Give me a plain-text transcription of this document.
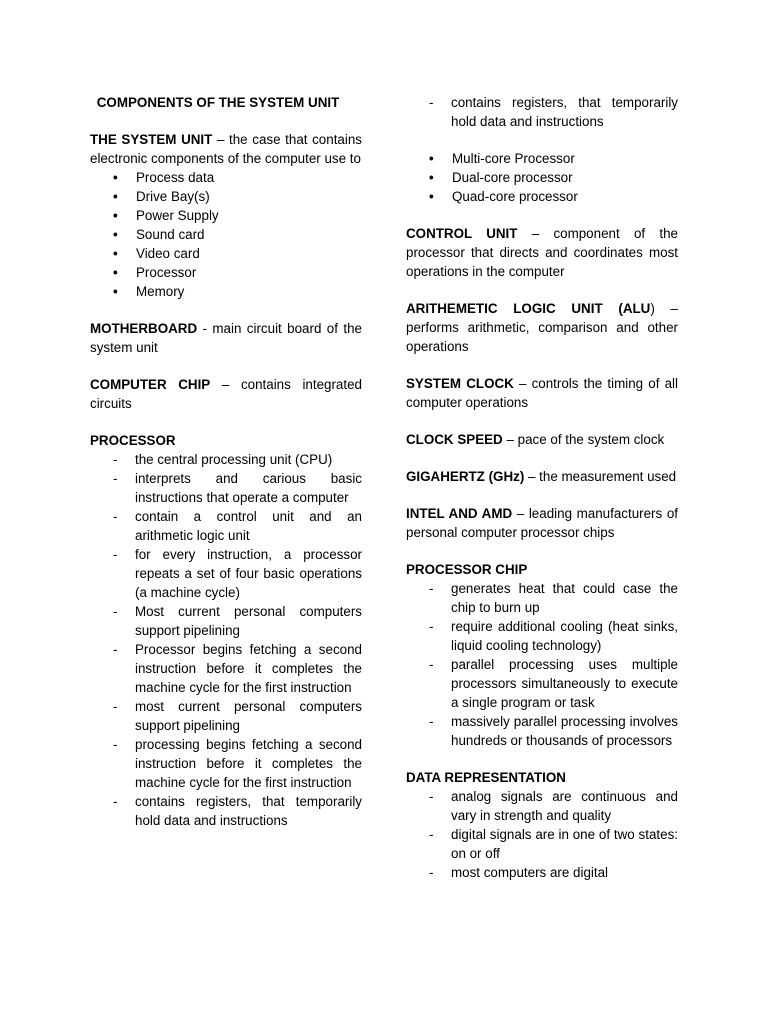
COMPONENTS OF THE SYSTEM UNIT

THE SYSTEM UNIT – the case that contains electronic components of the computer use to

• Process data
• Drive Bay(s)
• Power Supply
• Sound card
• Video card
• Processor
• Memory

MOTHERBOARD - main circuit board of the system unit

COMPUTER CHIP – contains integrated circuits

PROCESSOR

- the central processing unit (CPU)
- interprets and carious basic instructions that operate a computer
- contain a control unit and an arithmetic logic unit
- for every instruction, a processor repeats a set of four basic operations (a machine cycle)
- Most current personal computers support pipelining
- Processor begins fetching a second instruction before it completes the machine cycle for the first instruction
- most current personal computers support pipelining
- processing begins fetching a second instruction before it completes the machine cycle for the first instruction
- contains registers, that temporarily hold data and instructions
- contains registers, that temporarily hold data and instructions
• Multi-core Processor
• Dual-core processor
• Quad-core processor

CONTROL UNIT – component of the processor that directs and coordinates most operations in the computer

ARITHEMETIC LOGIC UNIT (ALU) –performs arithmetic, comparison and other operations

SYSTEM CLOCK – controls the timing of all computer operations

CLOCK SPEED – pace of the system clock

GIGAHERTZ (GHz) – the measurement used

INTEL AND AMD – leading manufacturers of personal computer processor chips

PROCESSOR CHIP

- generates heat that could case the chip to burn up
- require additional cooling (heat sinks, liquid cooling technology)
- parallel processing uses multiple processors simultaneously to execute a single program or task
- massively parallel processing involves hundreds or thousands of processors

DATA REPRESENTATION

- analog signals are continuous and vary in strength and quality
- digital signals are in one of two states: on or off
- most computers are digital
